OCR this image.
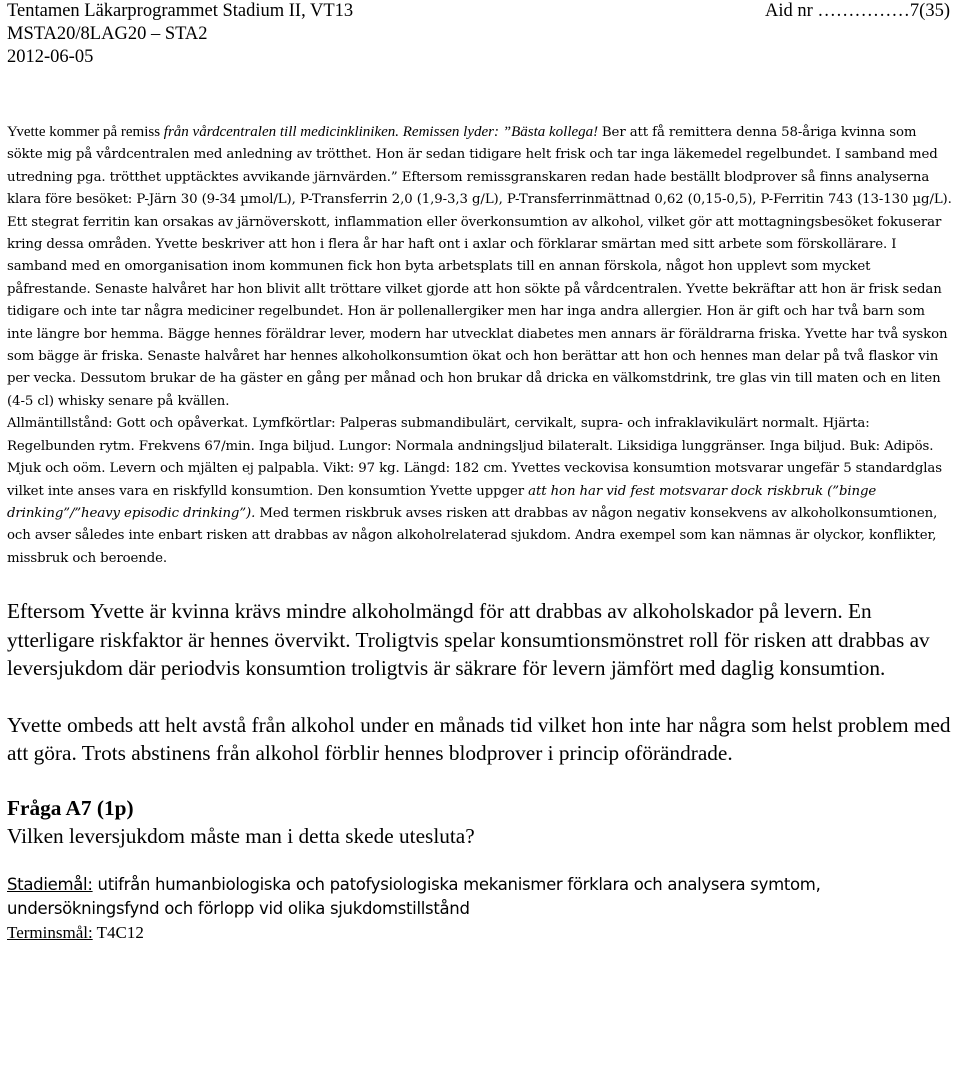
Tentamen Läkarprogrammet Stadium II, VT13	Aid nr ……………7(35)
MSTA20/8LAG20 – STA2
2012-06-05

Yvette kommer på remiss från vårdcentralen till medicinkliniken. Remissen lyder: ”Bästa kollega! Ber att få remittera denna 58-åriga kvinna som sökte mig på vårdcentralen med anledning av trötthet. Hon är sedan tidigare helt frisk och tar inga läkemedel regelbundet. I samband med utredning pga. trötthet upptäcktes avvikande järnvärden.” Eftersom remissgranskaren redan hade beställt blodprover så finns analyserna klara före besöket: P-Järn 30 (9-34 µmol/L), P-Transferrin 2,0 (1,9-3,3 g/L), P-Transferrinmättnad 0,62 (0,15-0,5), P-Ferritin 743 (13-130 µg/L).

Ett stegrat ferritin kan orsakas av järnöverskott, inflammation eller överkonsumtion av alkohol, vilket gör att mottagningsbesöket fokuserar kring dessa områden. Yvette beskriver att hon i flera år har haft ont i axlar och förklarar smärtan med sitt arbete som förskollärare. I samband med en omorganisation inom kommunen fick hon byta arbetsplats till en annan förskola, något hon upplevt som mycket påfrestande. Senaste halvåret har hon blivit allt tröttare vilket gjorde att hon sökte på vårdcentralen. Yvette bekräftar att hon är frisk sedan tidigare och inte tar några mediciner regelbundet. Hon är pollenallergiker men har inga andra allergier. Hon är gift och har två barn som inte längre bor hemma. Bägge hennes föräldrar lever, modern har utvecklat diabetes men annars är föräldrarna friska. Yvette har två syskon som bägge är friska. Senaste halvåret har hennes alkoholkonsumtion ökat och hon berättar att hon och hennes man delar på två flaskor vin per vecka. Dessutom brukar de ha gäster en gång per månad och hon brukar då dricka en välkomstdrink, tre glas vin till maten och en liten (4-5 cl) whisky senare på kvällen.

Allmäntillstånd: Gott och opåverkat. Lymfkörtlar: Palperas submandibulärt, cervikalt, supra- och infraklavikulärt normalt. Hjärta: Regelbunden rytm. Frekvens 67/min. Inga biljud. Lungor: Normala andningsljud bilateralt. Liksidiga lunggränser. Inga biljud. Buk: Adipös. Mjuk och oöm. Levern och mjälten ej palpabla. Vikt: 97 kg. Längd: 182 cm. Yvettes veckovisa konsumtion motsvarar ungefär 5 standardglas vilket inte anses vara en riskfylld konsumtion. Den konsumtion Yvette uppger att hon har vid fest motsvarar dock riskbruk (”binge drinking”/”heavy episodic drinking”). Med termen riskbruk avses risken att drabbas av någon negativ konsekvens av alkoholkonsumtionen, och avser således inte enbart risken att drabbas av någon alkoholrelaterad sjukdom. Andra exempel som kan nämnas är olyckor, konflikter, missbruk och beroende.

Eftersom Yvette är kvinna krävs mindre alkoholmängd för att drabbas av alkoholskador på levern. En ytterligare riskfaktor är hennes övervikt. Troligtvis spelar konsumtionsmönstret roll för risken att drabbas av leversjukdom där periodvis konsumtion troligtvis är säkrare för levern jämfört med daglig konsumtion.

Yvette ombeds att helt avstå från alkohol under en månads tid vilket hon inte har några som helst problem med att göra. Trots abstinens från alkohol förblir hennes blodprover i princip oförändrade.

Fråga A7 (1p)
Vilken leversjukdom måste man i detta skede utesluta?
Stadiemål: utifrån humanbiologiska och patofysiologiska mekanismer förklara och analysera symtom, undersökningsfynd och förlopp vid olika sjukdomstillstånd
Terminsmål: T4C12
